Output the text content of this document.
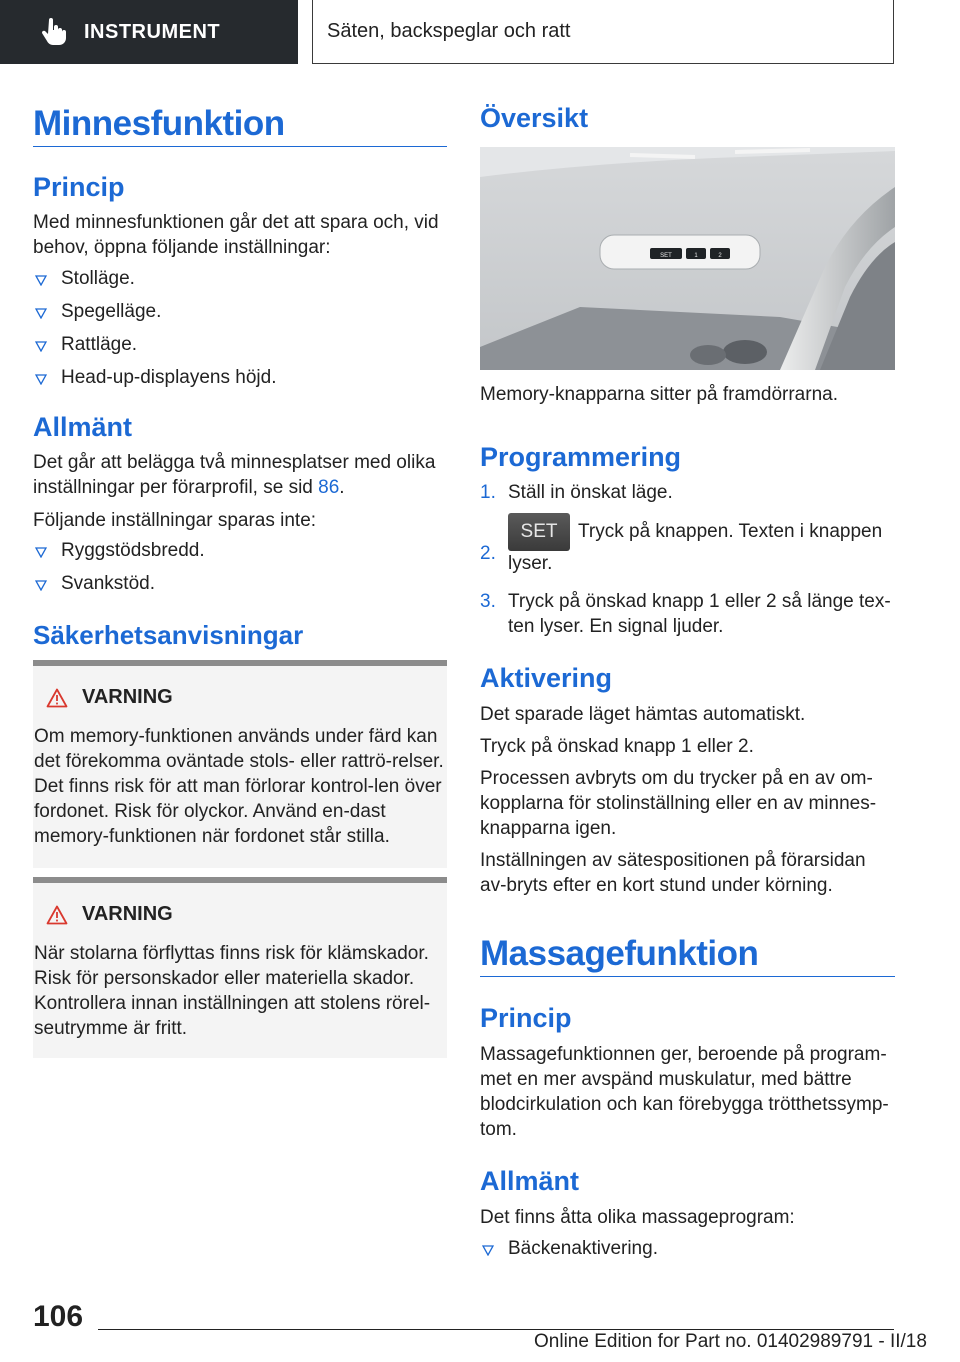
INSTRUMENT	Säten, backspeglar och ratt
Minnesfunktion
Princip

Med minnesfunktionen går det att spara och, vid behov, öppna följande inställningar:

Stolläge.
Spegelläge.
Rattläge.
Head-up-displayens höjd.
Allmänt

Det går att belägga två minnesplatser med olika inställningar per förarprofil, se sid 86.

Följande inställningar sparas inte:

Ryggstödsbredd.
Svankstöd.
Säkerhetsanvisningar
VARNING
Om memory-funktionen används under färd kan det förekomma oväntade stols- eller rattrö-relser. Det finns risk för att man förlorar kontrol-len över fordonet. Risk för olyckor. Använd en-dast memory-funktionen när fordonet står stilla.
VARNING
När stolarna förflyttas finns risk för klämskador. Risk för personskador eller materiella skador. Kontrollera innan inställningen att stolens rörel-seutrymme är fritt.
Översikt
SET	1	2

Memory-knapparna sitter på framdörrarna.

Programmering
1. Ställ in önskat läge.
2.
SET Tryck på knappen. Texten i knappen lyser.
3. Tryck på önskad knapp 1 eller 2 så länge tex-ten lyser. En signal ljuder.
Aktivering

Det sparade läget hämtas automatiskt.

Tryck på önskad knapp 1 eller 2.

Processen avbryts om du trycker på en av om-kopplarna för stolinställning eller en av minnes-knapparna igen.

Inställningen av sätespositionen på förarsidan av-bryts efter en kort stund under körning.

Massagefunktion
Princip

Massagefunktionnen ger, beroende på program-met en mer avspänd muskulatur, med bättre blodcirkulation och kan förebygga trötthetssymp-tom.

Allmänt

Det finns åtta olika massageprogram:

Bäckenaktivering.
106
Online Edition for Part no. 01402989791 - II/18
